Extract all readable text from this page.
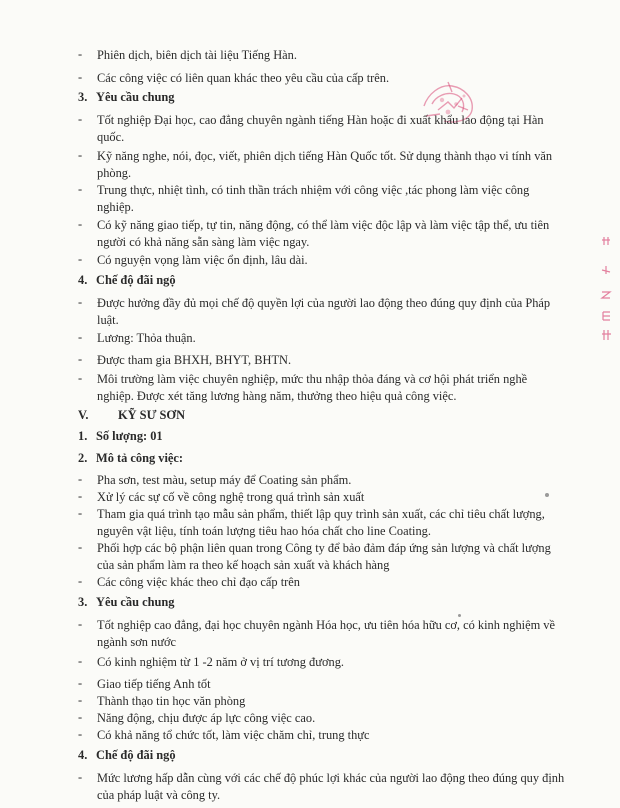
- Phiên dịch, biên dịch tài liệu Tiếng Hàn.
- Các công việc có liên quan khác theo yêu cầu của cấp trên.
3. Yêu cầu chung
- Tốt nghiệp Đại học, cao đẳng chuyên ngành tiếng Hàn hoặc đi xuất khẩu lao động tại Hàn
quốc.
- Kỹ năng nghe, nói, đọc, viết, phiên dịch tiếng Hàn Quốc tốt. Sử dụng thành thạo vi tính văn
phòng.
- Trung thực, nhiệt tình, có tinh thần trách nhiệm với công việc ,tác phong làm việc công
nghiệp.
- Có kỹ năng giao tiếp, tự tin, năng động, có thể làm việc độc lập và làm việc tập thể, ưu tiên
người có khả năng sẵn sàng làm việc ngay.
- Có nguyện vọng làm việc ổn định, lâu dài.
4. Chế độ đãi ngộ
- Được hưởng đầy đủ mọi chế độ quyền lợi của người lao động theo đúng quy định của Pháp
luật.
- Lương: Thỏa thuận.
- Được tham gia BHXH, BHYT, BHTN.
- Môi trường làm việc chuyên nghiệp, mức thu nhập thỏa đáng và cơ hội phát triển nghề
nghiệp. Được xét tăng lương hàng năm, thưởng theo hiệu quả công việc.
V. KỸ SƯ SƠN
1. Số lượng: 01
2. Mô tả công việc:
- Pha sơn, test màu, setup máy để Coating sản phẩm.
- Xử lý các sự cố về công nghệ trong quá trình sản xuất
- Tham gia quá trình tạo mẫu sản phẩm, thiết lập quy trình sản xuất, các chỉ tiêu chất lượng,
nguyên vật liệu, tính toán lượng tiêu hao hóa chất cho line Coating.
- Phối hợp các bộ phận liên quan trong Công ty để bảo đảm đáp ứng sản lượng và chất lượng
của sản phẩm làm ra theo kế hoạch sản xuất và khách hàng
- Các công việc khác theo chỉ đạo cấp trên
3. Yêu cầu chung
- Tốt nghiệp cao đẳng, đại học chuyên ngành Hóa học, ưu tiên hóa hữu cơ, có kinh nghiệm về
ngành sơn nước
- Có kinh nghiệm từ 1 -2 năm ở vị trí tương đương.
- Giao tiếp tiếng Anh tốt
- Thành thạo tin học văn phòng
- Năng động, chịu được áp lực công việc cao.
- Có khả năng tổ chức tốt, làm việc chăm chỉ, trung thực
4. Chế độ đãi ngộ
- Mức lương hấp dẫn cùng với các chế độ phúc lợi khác của người lao động theo đúng quy định
của pháp luật và công ty.
